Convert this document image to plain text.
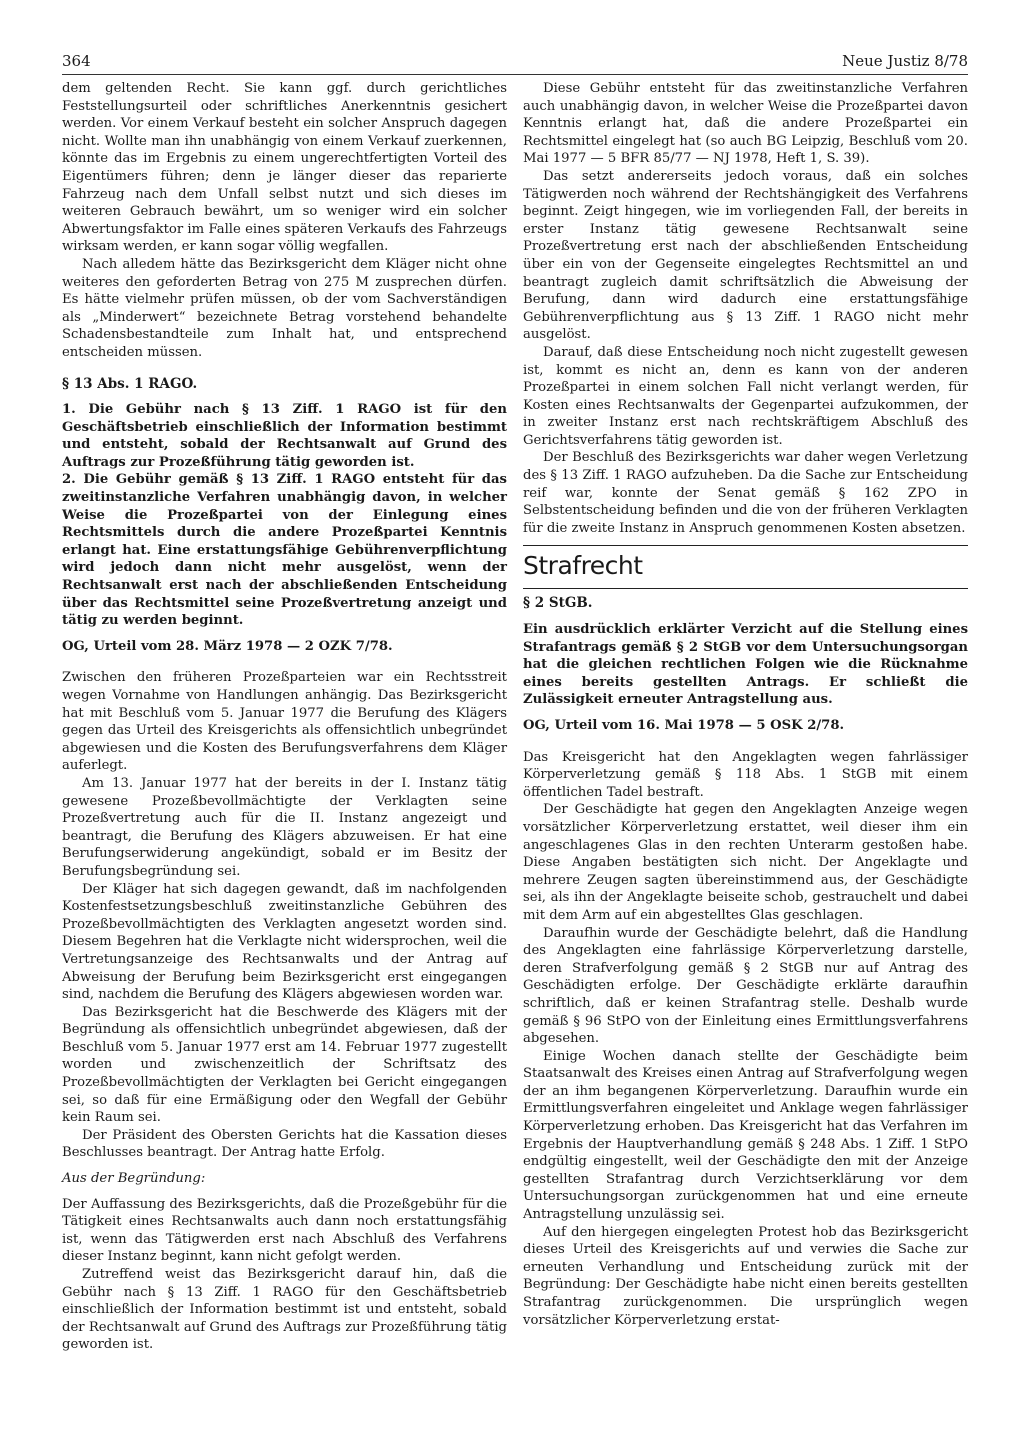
364	Neue Justiz 8/78

dem geltenden Recht. Sie kann ggf. durch gerichtliches Feststellungsurteil oder schriftliches Anerkenntnis gesichert werden. Vor einem Verkauf besteht ein solcher Anspruch dagegen nicht. Wollte man ihn unabhängig von einem Verkauf zuerkennen, könnte das im Ergebnis zu einem ungerechtfertigten Vorteil des Eigentümers führen; denn je länger dieser das reparierte Fahrzeug nach dem Unfall selbst nutzt und sich dieses im weiteren Gebrauch bewährt, um so weniger wird ein solcher Abwertungsfaktor im Falle eines späteren Verkaufs des Fahrzeugs wirksam werden, er kann sogar völlig wegfallen.

Nach alledem hätte das Bezirksgericht dem Kläger nicht ohne weiteres den geforderten Betrag von 275 M zusprechen dürfen. Es hätte vielmehr prüfen müssen, ob der vom Sachverständigen als „Minderwert“ bezeichnete Betrag vorstehend behandelte Schadensbestandteile zum Inhalt hat, und entsprechend entscheiden müssen.

§ 13 Abs. 1 RAGO.

1. Die Gebühr nach § 13 Ziff. 1 RAGO ist für den Geschäftsbetrieb einschließlich der Information bestimmt und entsteht, sobald der Rechtsanwalt auf Grund des Auftrags zur Prozeßführung tätig geworden ist.

2. Die Gebühr gemäß § 13 Ziff. 1 RAGO entsteht für das zweitinstanzliche Verfahren unabhängig davon, in welcher Weise die Prozeßpartei von der Einlegung eines Rechtsmittels durch die andere Prozeßpartei Kenntnis erlangt hat. Eine erstattungsfähige Gebührenverpflichtung wird jedoch dann nicht mehr ausgelöst, wenn der Rechtsanwalt erst nach der abschließenden Entscheidung über das Rechtsmittel seine Prozeßvertretung anzeigt und tätig zu werden beginnt.

OG, Urteil vom 28. März 1978 — 2 OZK 7/78.

Zwischen den früheren Prozeßparteien war ein Rechtsstreit wegen Vornahme von Handlungen anhängig. Das Bezirksgericht hat mit Beschluß vom 5. Januar 1977 die Berufung des Klägers gegen das Urteil des Kreisgerichts als offensichtlich unbegründet abgewiesen und die Kosten des Berufungsverfahrens dem Kläger auferlegt.

Am 13. Januar 1977 hat der bereits in der I. Instanz tätig gewesene Prozeßbevollmächtigte der Verklagten seine Prozeßvertretung auch für die II. Instanz angezeigt und beantragt, die Berufung des Klägers abzuweisen. Er hat eine Berufungserwiderung angekündigt, sobald er im Besitz der Berufungsbegründung sei.

Der Kläger hat sich dagegen gewandt, daß im nachfolgenden Kostenfestsetzungsbeschluß zweitinstanzliche Gebühren des Prozeßbevollmächtigten des Verklagten angesetzt worden sind. Diesem Begehren hat die Verklagte nicht widersprochen, weil die Vertretungsanzeige des Rechtsanwalts und der Antrag auf Abweisung der Berufung beim Bezirksgericht erst eingegangen sind, nachdem die Berufung des Klägers abgewiesen worden war.

Das Bezirksgericht hat die Beschwerde des Klägers mit der Begründung als offensichtlich unbegründet abgewiesen, daß der Beschluß vom 5. Januar 1977 erst am 14. Februar 1977 zugestellt worden und zwischenzeitlich der Schriftsatz des Prozeßbevollmächtigten der Verklagten bei Gericht eingegangen sei, so daß für eine Ermäßigung oder den Wegfall der Gebühr kein Raum sei.

Der Präsident des Obersten Gerichts hat die Kassation dieses Beschlusses beantragt. Der Antrag hatte Erfolg.

Aus der Begründung:

Der Auffassung des Bezirksgerichts, daß die Prozeßgebühr für die Tätigkeit eines Rechtsanwalts auch dann noch erstattungsfähig ist, wenn das Tätigwerden erst nach Abschluß des Verfahrens dieser Instanz beginnt, kann nicht gefolgt werden.

Zutreffend weist das Bezirksgericht darauf hin, daß die Gebühr nach § 13 Ziff. 1 RAGO für den Geschäftsbetrieb einschließlich der Information bestimmt ist und entsteht, sobald der Rechtsanwalt auf Grund des Auftrags zur Prozeßführung tätig geworden ist.

Diese Gebühr entsteht für das zweitinstanzliche Verfahren auch unabhängig davon, in welcher Weise die Prozeßpartei davon Kenntnis erlangt hat, daß die andere Prozeßpartei ein Rechtsmittel eingelegt hat (so auch BG Leipzig, Beschluß vom 20. Mai 1977 — 5 BFR 85/77 — NJ 1978, Heft 1, S. 39).

Das setzt andererseits jedoch voraus, daß ein solches Tätigwerden noch während der Rechtshängigkeit des Verfahrens beginnt. Zeigt hingegen, wie im vorliegenden Fall, der bereits in erster Instanz tätig gewesene Rechtsanwalt seine Prozeßvertretung erst nach der abschließenden Entscheidung über ein von der Gegenseite eingelegtes Rechtsmittel an und beantragt zugleich damit schriftsätzlich die Abweisung der Berufung, dann wird dadurch eine erstattungsfähige Gebührenverpflichtung aus § 13 Ziff. 1 RAGO nicht mehr ausgelöst.

Darauf, daß diese Entscheidung noch nicht zugestellt gewesen ist, kommt es nicht an, denn es kann von der anderen Prozeßpartei in einem solchen Fall nicht verlangt werden, für Kosten eines Rechtsanwalts der Gegenpartei aufzukommen, der in zweiter Instanz erst nach rechtskräftigem Abschluß des Gerichtsverfahrens tätig geworden ist.

Der Beschluß des Bezirksgerichts war daher wegen Verletzung des § 13 Ziff. 1 RAGO aufzuheben. Da die Sache zur Entscheidung reif war, konnte der Senat gemäß § 162 ZPO in Selbstentscheidung befinden und die von der früheren Verklagten für die zweite Instanz in Anspruch genommenen Kosten absetzen.

Strafrecht

§ 2 StGB.

Ein ausdrücklich erklärter Verzicht auf die Stellung eines Strafantrags gemäß § 2 StGB vor dem Untersuchungsorgan hat die gleichen rechtlichen Folgen wie die Rücknahme eines bereits gestellten Antrags. Er schließt die Zulässigkeit erneuter Antragstellung aus.

OG, Urteil vom 16. Mai 1978 — 5 OSK 2/78.

Das Kreisgericht hat den Angeklagten wegen fahrlässiger Körperverletzung gemäß § 118 Abs. 1 StGB mit einem öffentlichen Tadel bestraft.

Der Geschädigte hat gegen den Angeklagten Anzeige wegen vorsätzlicher Körperverletzung erstattet, weil dieser ihm ein angeschlagenes Glas in den rechten Unterarm gestoßen habe. Diese Angaben bestätigten sich nicht. Der Angeklagte und mehrere Zeugen sagten übereinstimmend aus, der Geschädigte sei, als ihn der Angeklagte beiseite schob, gestrauchelt und dabei mit dem Arm auf ein abgestelltes Glas geschlagen.

Daraufhin wurde der Geschädigte belehrt, daß die Handlung des Angeklagten eine fahrlässige Körperverletzung darstelle, deren Strafverfolgung gemäß § 2 StGB nur auf Antrag des Geschädigten erfolge. Der Geschädigte erklärte daraufhin schriftlich, daß er keinen Strafantrag stelle. Deshalb wurde gemäß § 96 StPO von der Einleitung eines Ermittlungsverfahrens abgesehen.

Einige Wochen danach stellte der Geschädigte beim Staatsanwalt des Kreises einen Antrag auf Strafverfolgung wegen der an ihm begangenen Körperverletzung. Daraufhin wurde ein Ermittlungsverfahren eingeleitet und Anklage wegen fahrlässiger Körperverletzung erhoben. Das Kreisgericht hat das Verfahren im Ergebnis der Hauptverhandlung gemäß § 248 Abs. 1 Ziff. 1 StPO endgültig eingestellt, weil der Geschädigte den mit der Anzeige gestellten Strafantrag durch Verzichtserklärung vor dem Untersuchungsorgan zurückgenommen hat und eine erneute Antragstellung unzulässig sei.

Auf den hiergegen eingelegten Protest hob das Bezirksgericht dieses Urteil des Kreisgerichts auf und verwies die Sache zur erneuten Verhandlung und Entscheidung zurück mit der Begründung: Der Geschädigte habe nicht einen bereits gestellten Strafantrag zurückgenommen. Die ursprünglich wegen vorsätzlicher Körperverletzung erstat-
